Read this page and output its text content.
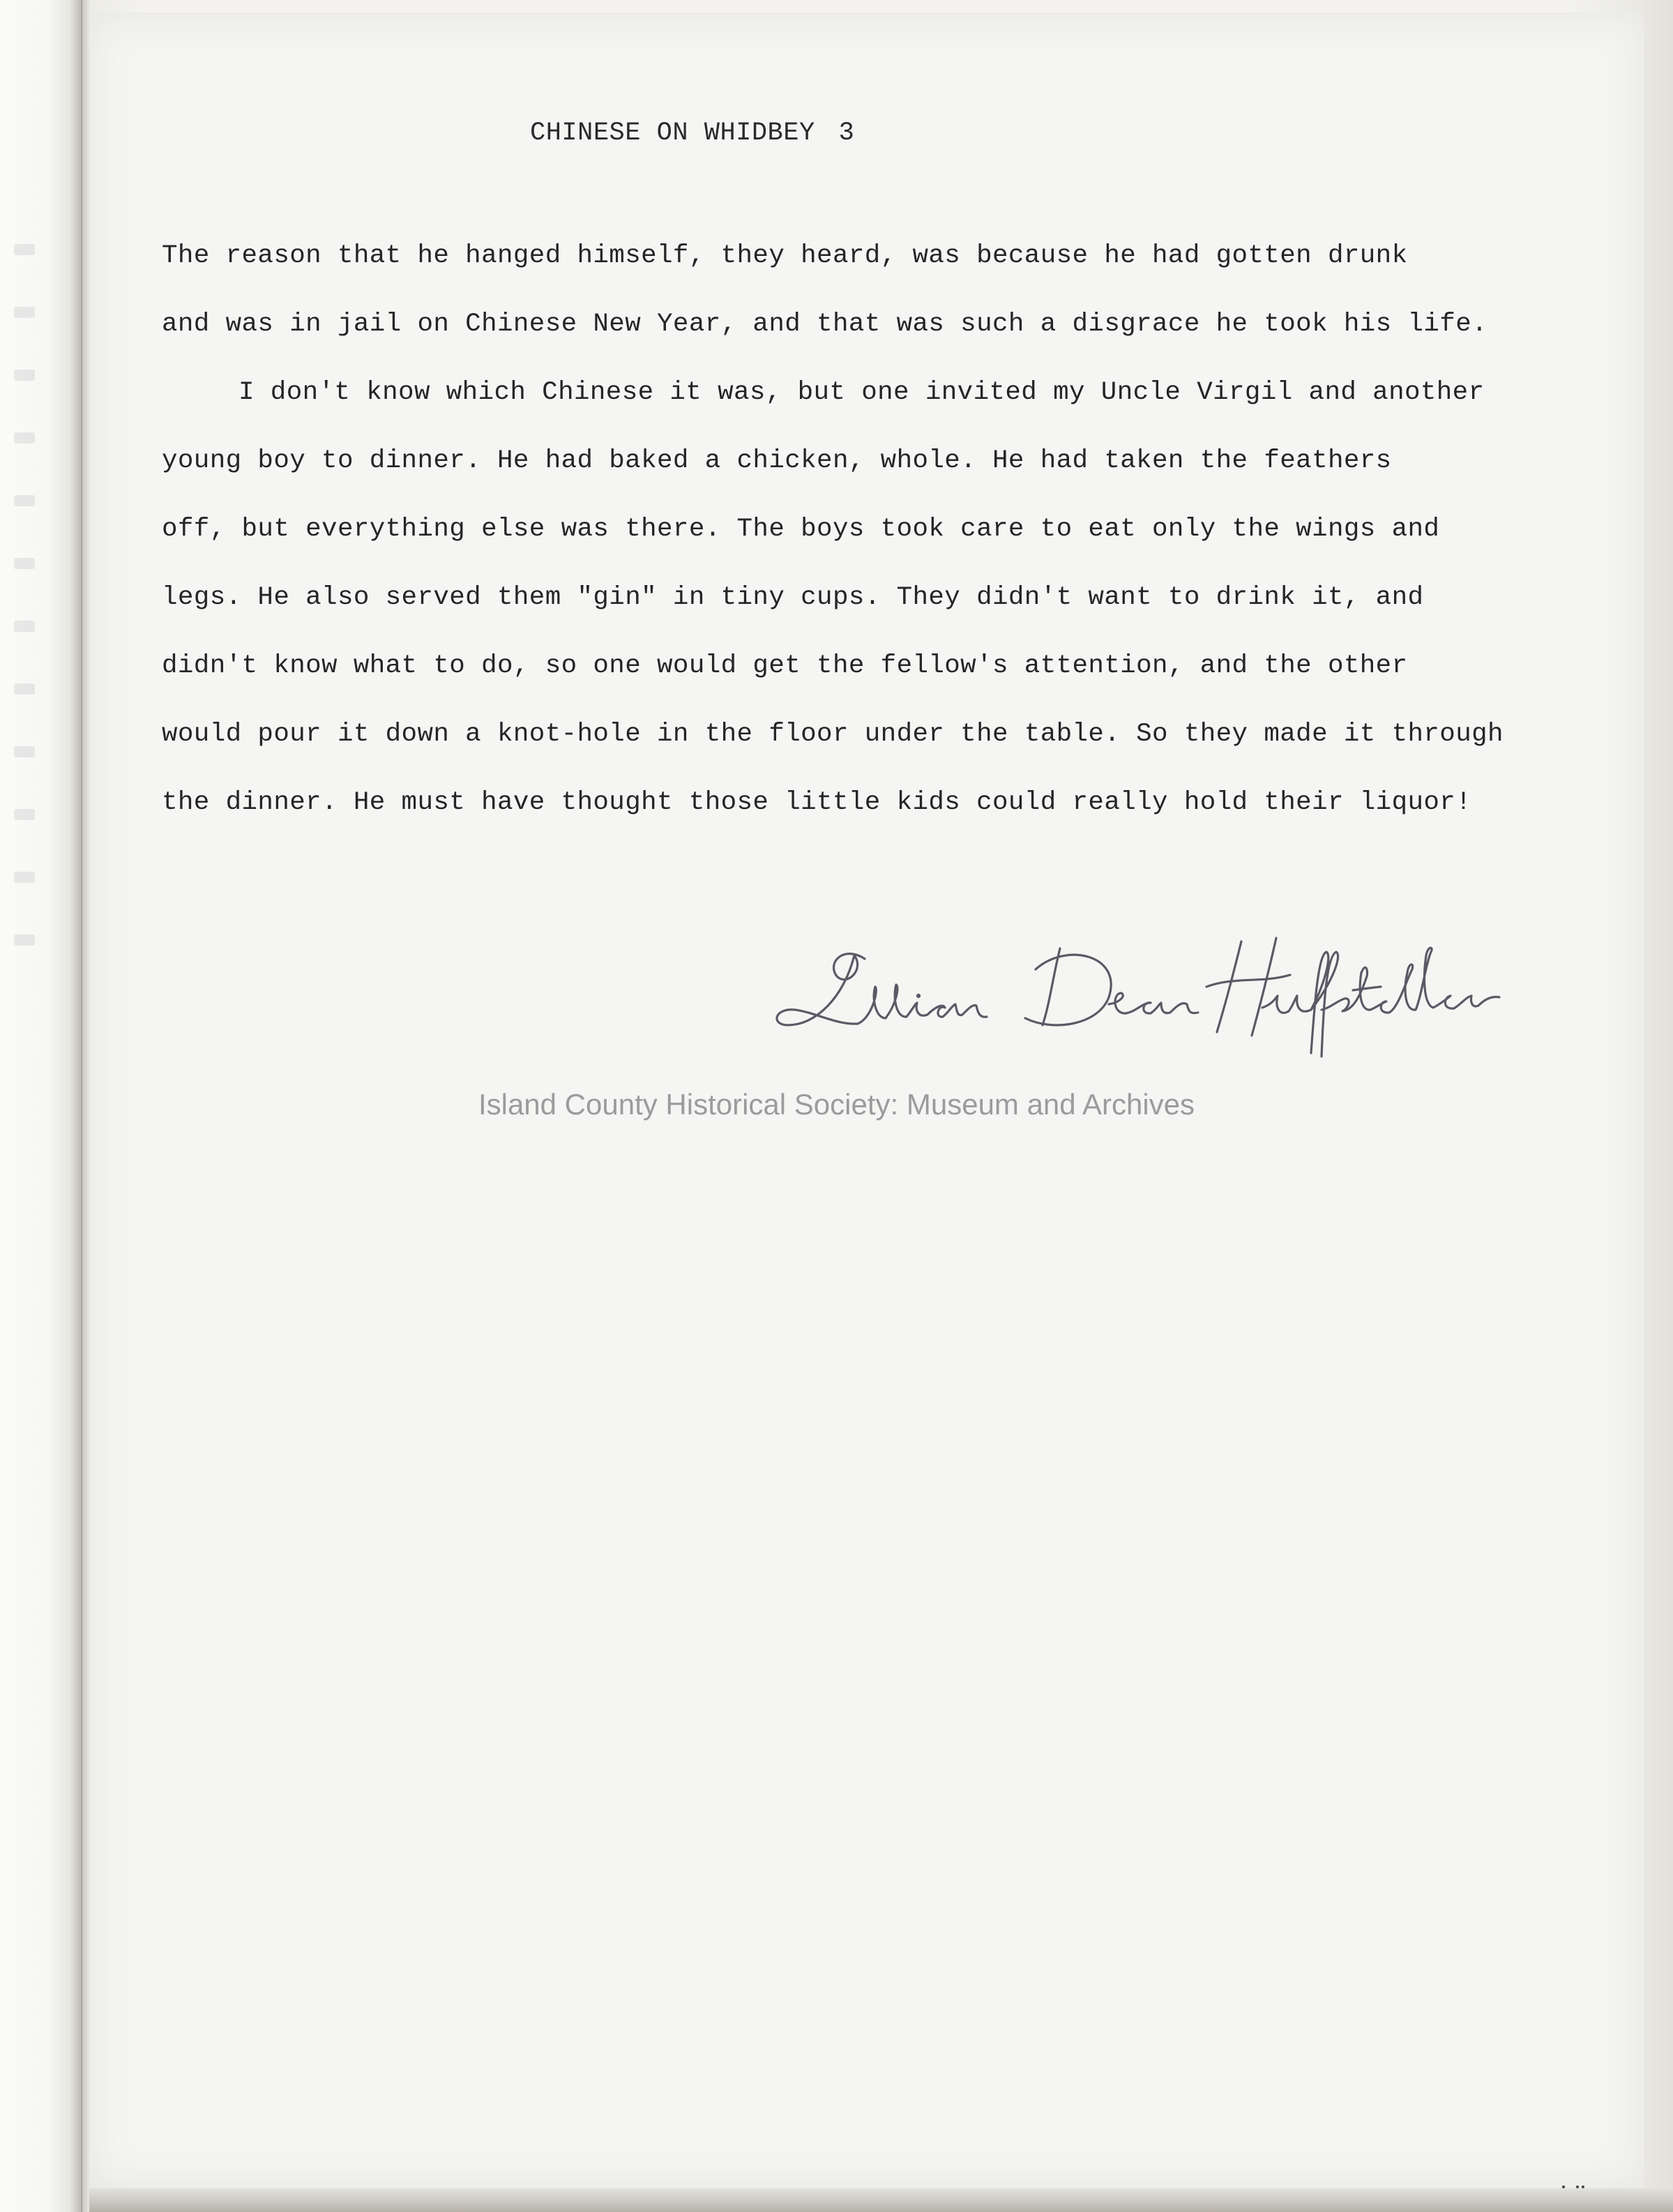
CHINESE ON WHIDBEY 3
The reason that he hanged himself, they heard, was because he had gotten drunk
and was in jail on Chinese New Year, and that was such a disgrace he took his life.
I don't know which Chinese it was, but one invited my Uncle Virgil and another
young boy to dinner. He had baked a chicken, whole. He had taken the feathers
off, but everything else was there. The boys took care to eat only the wings and
legs. He also served them "gin" in tiny cups. They didn't want to drink it, and
didn't know what to do, so one would get the fellow's attention, and the other
would pour it down a knot-hole in the floor under the table. So they made it through
the dinner. He must have thought those little kids could really hold their liquor!
Island County Historical Society: Museum and Archives
